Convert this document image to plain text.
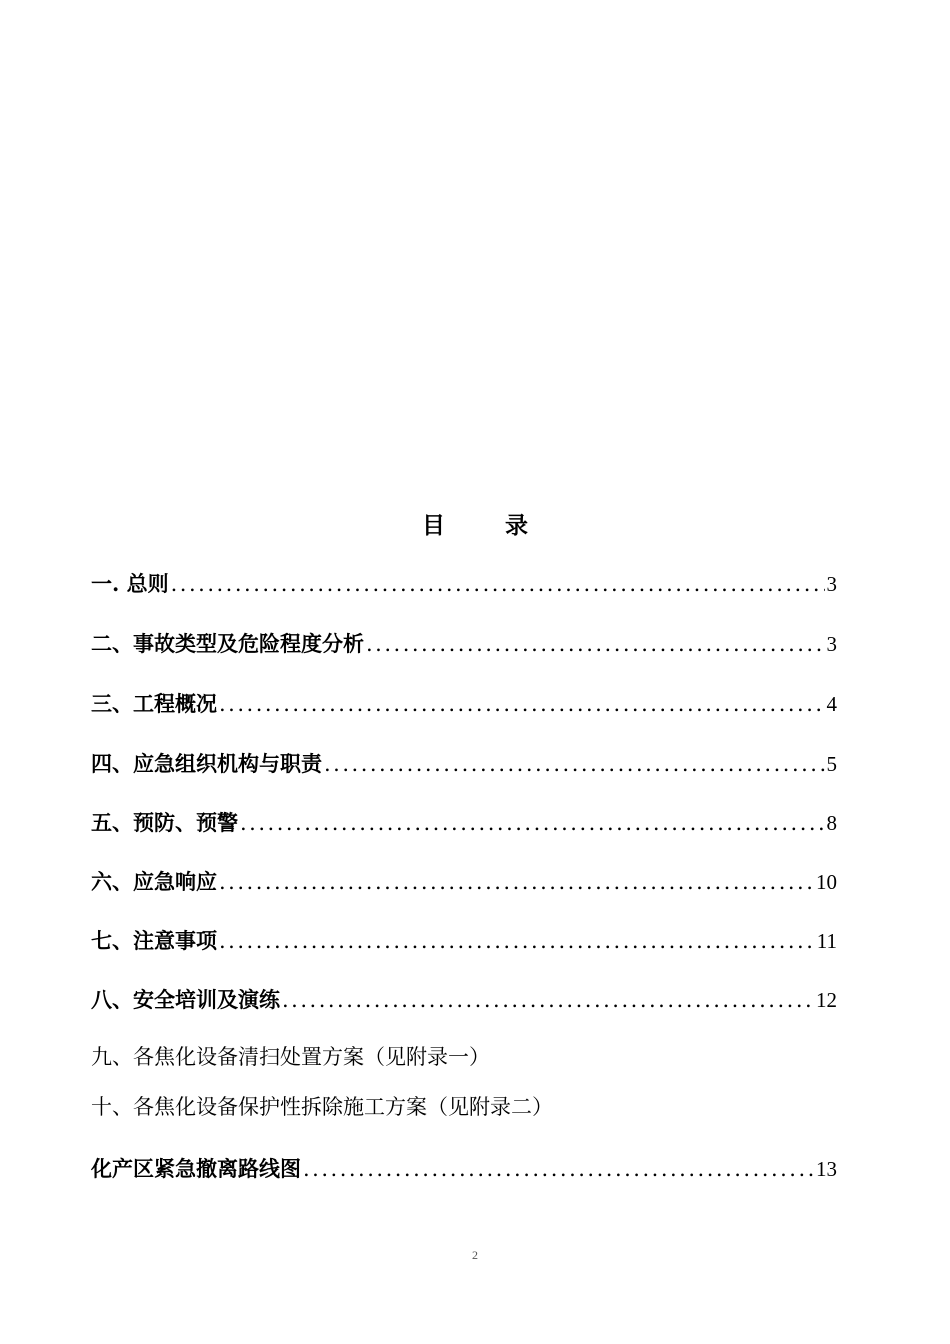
目 录
一. 总则 .....	3
二、事故类型及危险程度分析 .....	3
三、工程概况 .....	4
四、应急组织机构与职责 .....	5
五、预防、预警 .....	8
六、应急响应 .....	10
七、注意事项 .....	11
八、安全培训及演练 .....	12
九、各焦化设备清扫处置方案（见附录一）
十、各焦化设备保护性拆除施工方案（见附录二）
化产区紧急撤离路线图 .....	13
2
